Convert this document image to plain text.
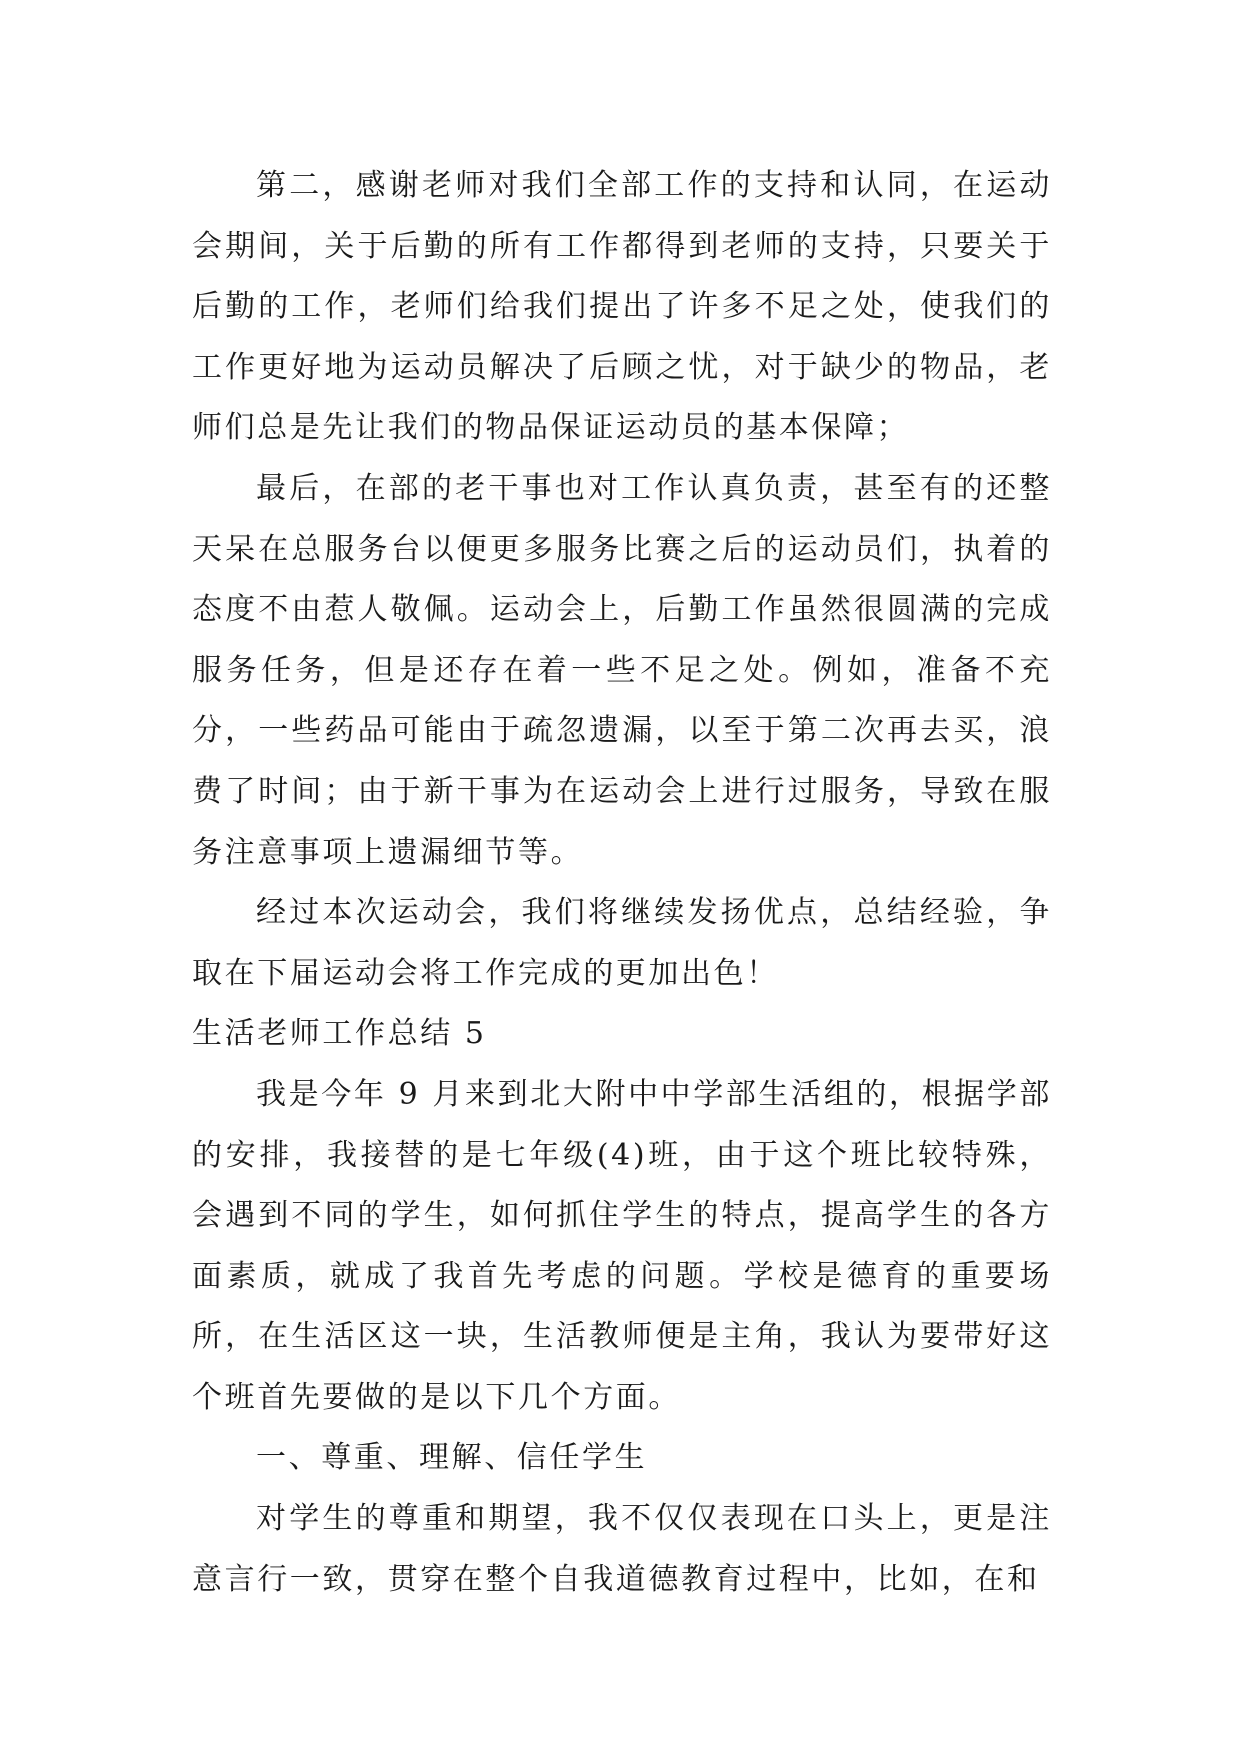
第二，感谢老师对我们全部工作的支持和认同，在运动会期间，关于后勤的所有工作都得到老师的支持，只要关于后勤的工作，老师们给我们提出了许多不足之处，使我们的工作更好地为运动员解决了后顾之忧，对于缺少的物品，老师们总是先让我们的物品保证运动员的基本保障；

最后，在部的老干事也对工作认真负责，甚至有的还整天呆在总服务台以便更多服务比赛之后的运动员们，执着的态度不由惹人敬佩。运动会上，后勤工作虽然很圆满的完成服务任务，但是还存在着一些不足之处。例如，准备不充分，一些药品可能由于疏忽遗漏，以至于第二次再去买，浪费了时间；由于新干事为在运动会上进行过服务，导致在服务注意事项上遗漏细节等。

经过本次运动会，我们将继续发扬优点，总结经验，争取在下届运动会将工作完成的更加出色！

生活老师工作总结 5

我是今年 9 月来到北大附中中学部生活组的，根据学部的安排，我接替的是七年级(4)班，由于这个班比较特殊，会遇到不同的学生，如何抓住学生的特点，提高学生的各方面素质，就成了我首先考虑的问题。学校是德育的重要场所，在生活区这一块，生活教师便是主角，我认为要带好这个班首先要做的是以下几个方面。

一、尊重、理解、信任学生

对学生的尊重和期望，我不仅仅表现在口头上，更是注意言行一致，贯穿在整个自我道德教育过程中，比如，在和
